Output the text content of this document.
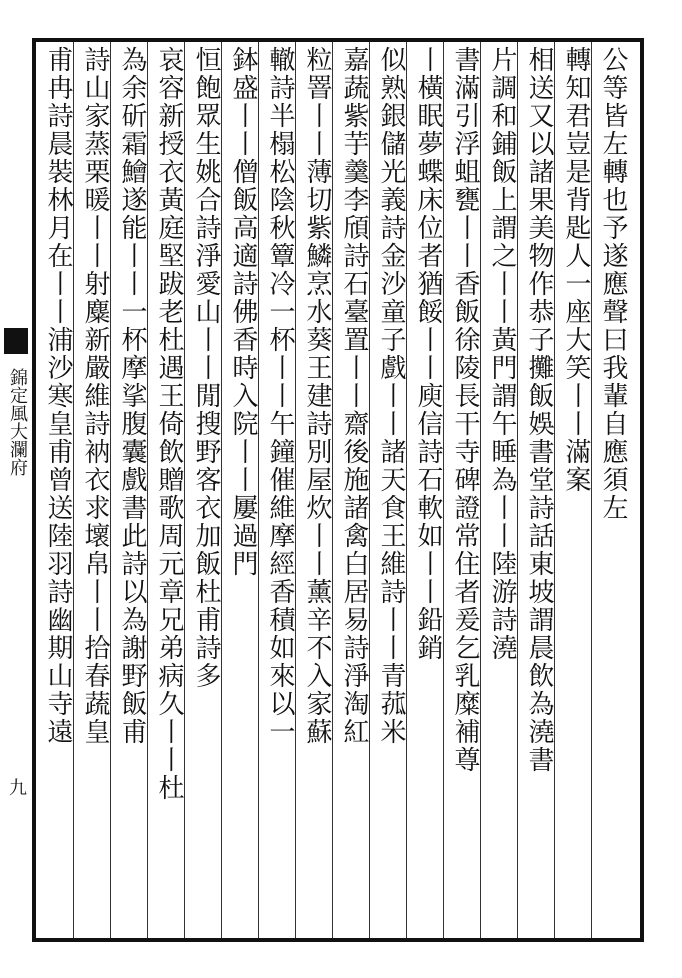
錦定風大瀾府
九
公等皆左轉也予遂應聲曰我輩自應須左
轉知君豈是背匙人一座大笑丨丨滿案
相送又以諸果美物作恭子攤飯娛書堂詩話東坡謂晨飲為澆書
片調和鋪飯上謂之丨丨黃門謂午睡為丨丨陸游詩澆
書滿引浮蛆甕丨丨香飯徐陵長干寺碑證常住者爰乞乳糜補尊
丨橫眠夢蝶床位者猶餒丨丨庾信詩石軟如丨丨鉛銷
似熟銀儲光義詩金沙童子戲丨丨諸天食王維詩丨丨青菰米
嘉蔬紫芋羹李頎詩石臺置丨丨齋後施諸禽白居易詩淨淘紅
粒罯丨丨薄切紫鱗烹水葵王建詩別屋炊丨丨薰辛不入家蘇
轍詩半榻松陰秋簟冷一杯丨丨午鐘催維摩經香積如來以一
鉢盛丨丨僧飯高適詩佛香時入院丨丨屢過門
恒飽眾生姚合詩淨愛山丨丨閒搜野客衣加飯杜甫詩多
哀容新授衣黃庭堅跋老杜遇王倚飲贈歌周元章兄弟病久丨丨杜
為余斫霜鱠遂能丨丨一杯摩挲腹囊戲書此詩以為謝野飯甫
詩山家蒸栗暖丨丨射麋新嚴維詩衲衣求壞帛丨丨拾春蔬皇
甫冉詩晨裝林月在丨丨浦沙寒皇甫曾送陸羽詩幽期山寺遠
